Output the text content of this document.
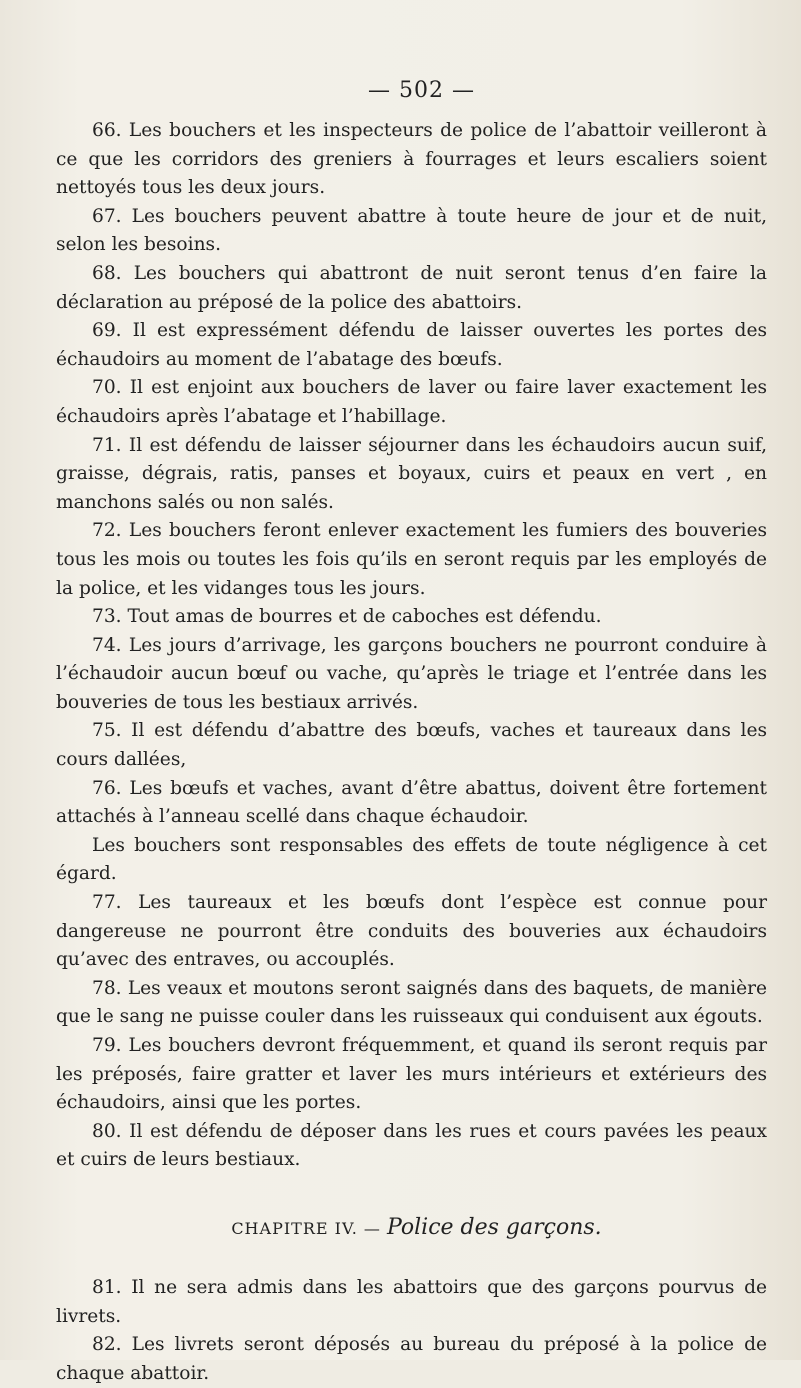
— 502 —

66. Les bouchers et les inspecteurs de police de l’abattoir veilleront à ce que les corridors des greniers à fourrages et leurs escaliers soient nettoyés tous les deux jours.

67. Les bouchers peuvent abattre à toute heure de jour et de nuit, selon les besoins.

68. Les bouchers qui abattront de nuit seront tenus d’en faire la déclaration au préposé de la police des abattoirs.

69. Il est expressément défendu de laisser ouvertes les portes des échaudoirs au moment de l’abatage des bœufs.

70. Il est enjoint aux bouchers de laver ou faire laver exactement les échaudoirs après l’abatage et l’habillage.

71. Il est défendu de laisser séjourner dans les échaudoirs aucun suif, graisse, dégrais, ratis, panses et boyaux, cuirs et peaux en vert , en manchons salés ou non salés.

72. Les bouchers feront enlever exactement les fumiers des bouveries tous les mois ou toutes les fois qu’ils en seront requis par les employés de la police, et les vidanges tous les jours.

73. Tout amas de bourres et de caboches est défendu.

74. Les jours d’arrivage, les garçons bouchers ne pourront conduire à l’échaudoir aucun bœuf ou vache, qu’après le triage et l’entrée dans les bouveries de tous les bestiaux arrivés.

75. Il est défendu d’abattre des bœufs, vaches et taureaux dans les cours dallées,

76. Les bœufs et vaches, avant d’être abattus, doivent être fortement attachés à l’anneau scellé dans chaque échaudoir.

Les bouchers sont responsables des effets de toute négligence à cet égard.

77. Les taureaux et les bœufs dont l’espèce est connue pour dangereuse ne pourront être conduits des bouveries aux échaudoirs qu’avec des entraves, ou accouplés.

78. Les veaux et moutons seront saignés dans des baquets, de manière que le sang ne puisse couler dans les ruisseaux qui conduisent aux égouts.

79. Les bouchers devront fréquemment, et quand ils seront requis par les préposés, faire gratter et laver les murs intérieurs et extérieurs des échaudoirs, ainsi que les portes.

80. Il est défendu de déposer dans les rues et cours pavées les peaux et cuirs de leurs bestiaux.

CHAPITRE IV. — Police des garçons.

81. Il ne sera admis dans les abattoirs que des garçons pourvus de livrets.

82. Les livrets seront déposés au bureau du préposé à la police de chaque abattoir.
